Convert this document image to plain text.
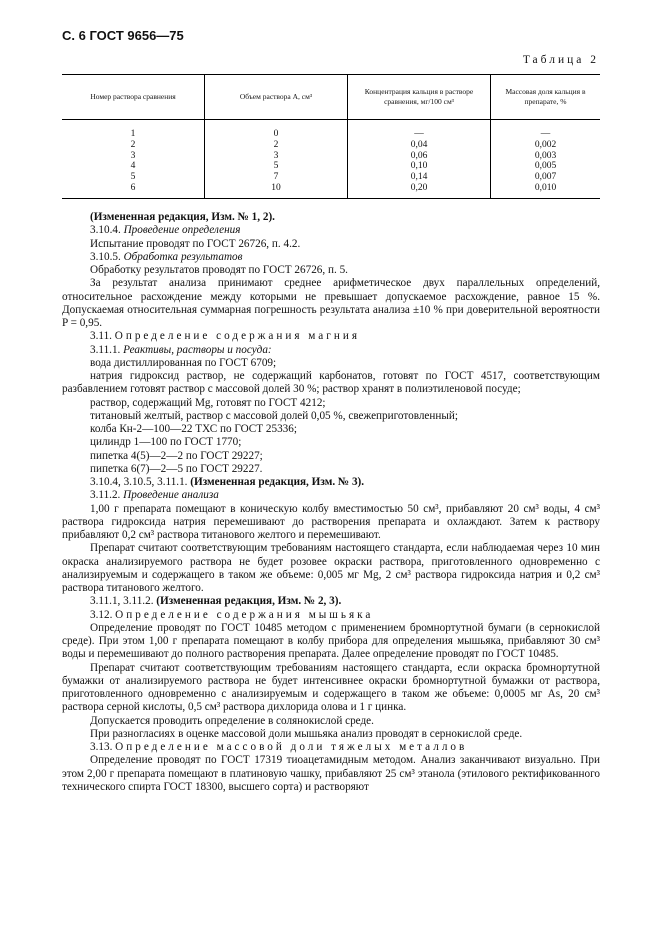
С. 6 ГОСТ 9656—75
Таблица 2
Номер раствора сравнения	Объем раствора А, см³	Концентрация кальция в растворе сравнения, мг/100 см³	Массовая доля кальция в препарате, %
1	0	—	—
2	2	0,04	0,002
3	3	0,06	0,003
4	5	0,10	0,005
5	7	0,14	0,007
6	10	0,20	0,010

(Измененная редакция, Изм. № 1, 2).

3.10.4. Проведение определения

Испытание проводят по ГОСТ 26726, п. 4.2.

3.10.5. Обработка результатов

Обработку результатов проводят по ГОСТ 26726, п. 5.

За результат анализа принимают среднее арифметическое двух параллельных определений, относительное расхождение между которыми не превышает допускаемое расхождение, равное 15 %. Допускаемая относительная суммарная погрешность результата анализа ±10 % при доверительной вероятности P = 0,95.

3.11. Определение содержания магния

3.11.1. Реактивы, растворы и посуда:

вода дистиллированная по ГОСТ 6709;

натрия гидроксид раствор, не содержащий карбонатов, готовят по ГОСТ 4517, соответствующим разбавлением готовят раствор с массовой долей 30 %; раствор хранят в полиэтиленовой посуде;

раствор, содержащий Mg, готовят по ГОСТ 4212;

титановый желтый, раствор с массовой долей 0,05 %, свежеприготовленный;

колба Кн-2—100—22 ТХС по ГОСТ 25336;

цилиндр 1—100 по ГОСТ 1770;

пипетка 4(5)—2—2 по ГОСТ 29227;

пипетка 6(7)—2—5 по ГОСТ 29227.

3.10.4, 3.10.5, 3.11.1. (Измененная редакция, Изм. № 3).

3.11.2. Проведение анализа

1,00 г препарата помещают в коническую колбу вместимостью 50 см³, прибавляют 20 см³ воды, 4 см³ раствора гидроксида натрия перемешивают до растворения препарата и охлаждают. Затем к раствору прибавляют 0,2 см³ раствора титанового желтого и перемешивают.

Препарат считают соответствующим требованиям настоящего стандарта, если наблюдаемая через 10 мин окраска анализируемого раствора не будет розовее окраски раствора, приготовленного одновременно с анализируемым и содержащего в таком же объеме: 0,005 мг Mg, 2 см³ раствора гидроксида натрия и 0,2 см³ раствора титанового желтого.

3.11.1, 3.11.2. (Измененная редакция, Изм. № 2, 3).

3.12. Определение содержания мышьяка

Определение проводят по ГОСТ 10485 методом с применением бромнортутной бумаги (в сернокислой среде). При этом 1,00 г препарата помещают в колбу прибора для определения мышьяка, прибавляют 30 см³ воды и перемешивают до полного растворения препарата. Далее определение проводят по ГОСТ 10485.

Препарат считают соответствующим требованиям настоящего стандарта, если окраска бромнортутной бумажки от анализируемого раствора не будет интенсивнее окраски бромнортутной бумажки от раствора, приготовленного одновременно с анализируемым и содержащего в таком же объеме: 0,0005 мг As, 20 см³ раствора серной кислоты, 0,5 см³ раствора дихлорида олова и 1 г цинка.

Допускается проводить определение в солянокислой среде.

При разногласиях в оценке массовой доли мышьяка анализ проводят в сернокислой среде.

3.13. Определение массовой доли тяжелых металлов

Определение проводят по ГОСТ 17319 тиоацетамидным методом. Анализ заканчивают визуально. При этом 2,00 г препарата помещают в платиновую чашку, прибавляют 25 см³ этанола (этилового ректификованного технического спирта ГОСТ 18300, высшего сорта) и растворяют
